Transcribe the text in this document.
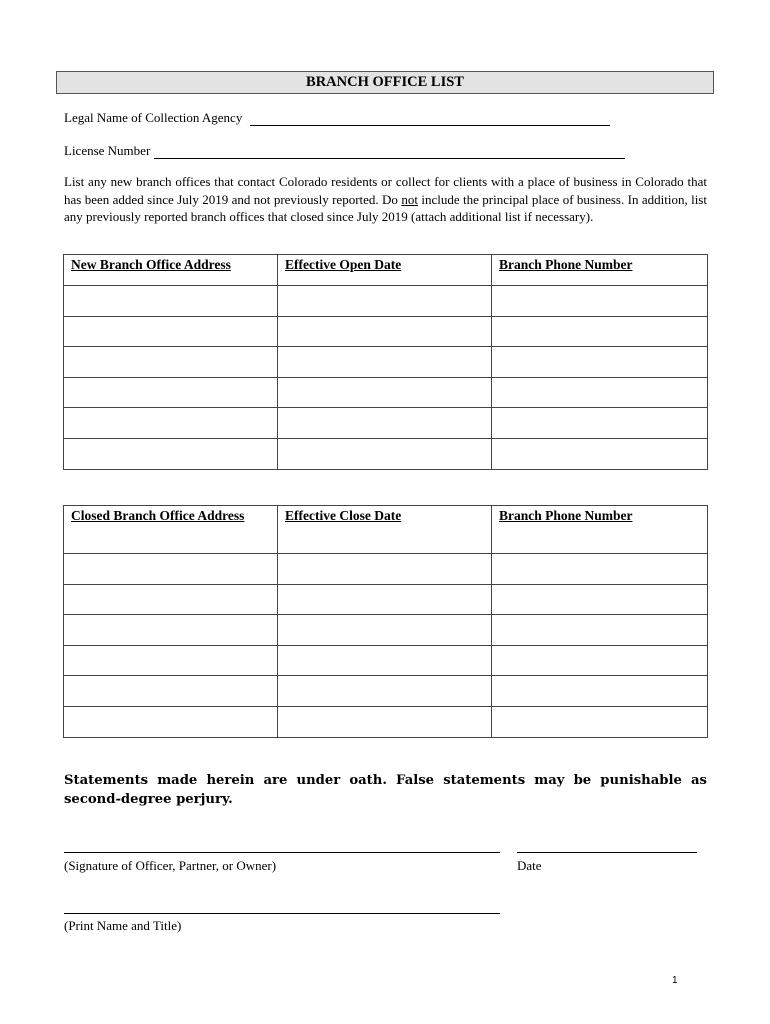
BRANCH OFFICE LIST
Legal Name of Collection Agency
License Number
List any new branch offices that contact Colorado residents or collect for clients with a place of business in Colorado that has been added since July 2019 and not previously reported. Do not include the principal place of business. In addition, list any previously reported branch offices that closed since July 2019 (attach additional list if necessary).
New Branch Office Address	Effective Open Date	Branch Phone Number

Closed Branch Office Address	Effective Close Date	Branch Phone Number

Statements made herein are under oath. False statements may be punishable as second-degree perjury.
(Signature of Officer, Partner, or Owner)	Date
(Print Name and Title)
1
